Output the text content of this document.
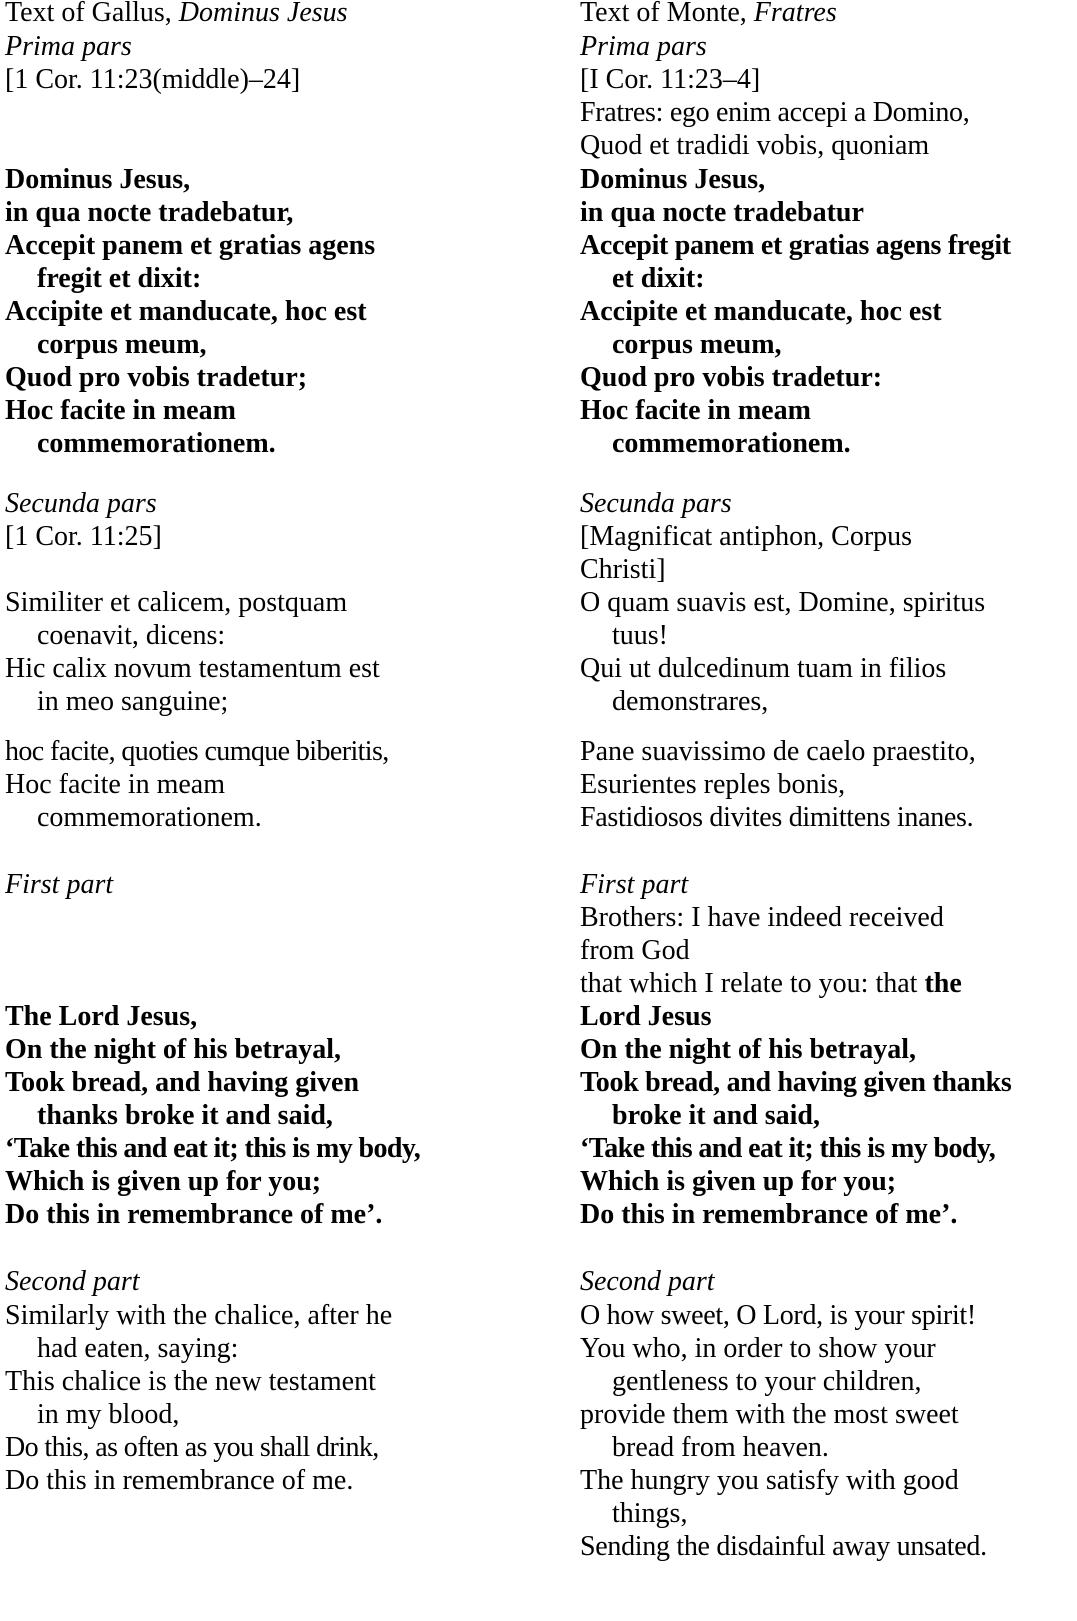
Text of Gallus, Dominus Jesus
Prima pars
[1 Cor. 11:23(middle)–24]
Dominus Jesus,
in qua nocte tradebatur,
Accepit panem et gratias agens
fregit et dixit:
Accipite et manducate, hoc est
corpus meum,
Quod pro vobis tradetur;
Hoc facite in meam
commemorationem.
Secunda pars
[1 Cor. 11:25]
Similiter et calicem, postquam
coenavit, dicens:
Hic calix novum testamentum est
in meo sanguine;
hoc facite, quoties cumque biberitis,
Hoc facite in meam
commemorationem.
First part
The Lord Jesus,
On the night of his betrayal,
Took bread, and having given
thanks broke it and said,
‘Take this and eat it; this is my body,
Which is given up for you;
Do this in remembrance of me’.
Second part
Similarly with the chalice, after he
had eaten, saying:
This chalice is the new testament
in my blood,
Do this, as often as you shall drink,
Do this in remembrance of me.
Text of Monte, Fratres
Prima pars
[I Cor. 11:23–4]
Fratres: ego enim accepi a Domino,
Quod et tradidi vobis, quoniam
Dominus Jesus,
in qua nocte tradebatur
Accepit panem et gratias agens fregit
et dixit:
Accipite et manducate, hoc est
corpus meum,
Quod pro vobis tradetur:
Hoc facite in meam
commemorationem.
Secunda pars
[Magnificat antiphon, Corpus
Christi]
O quam suavis est, Domine, spiritus
tuus!
Qui ut dulcedinum tuam in filios
demonstrares,
Pane suavissimo de caelo praestito,
Esurientes reples bonis,
Fastidiosos divites dimittens inanes.
First part
Brothers: I have indeed received
from God
that which I relate to you: that the
Lord Jesus
On the night of his betrayal,
Took bread, and having given thanks
broke it and said,
‘Take this and eat it; this is my body,
Which is given up for you;
Do this in remembrance of me’.
Second part
O how sweet, O Lord, is your spirit!
You who, in order to show your
gentleness to your children,
provide them with the most sweet
bread from heaven.
The hungry you satisfy with good
things,
Sending the disdainful away unsated.
